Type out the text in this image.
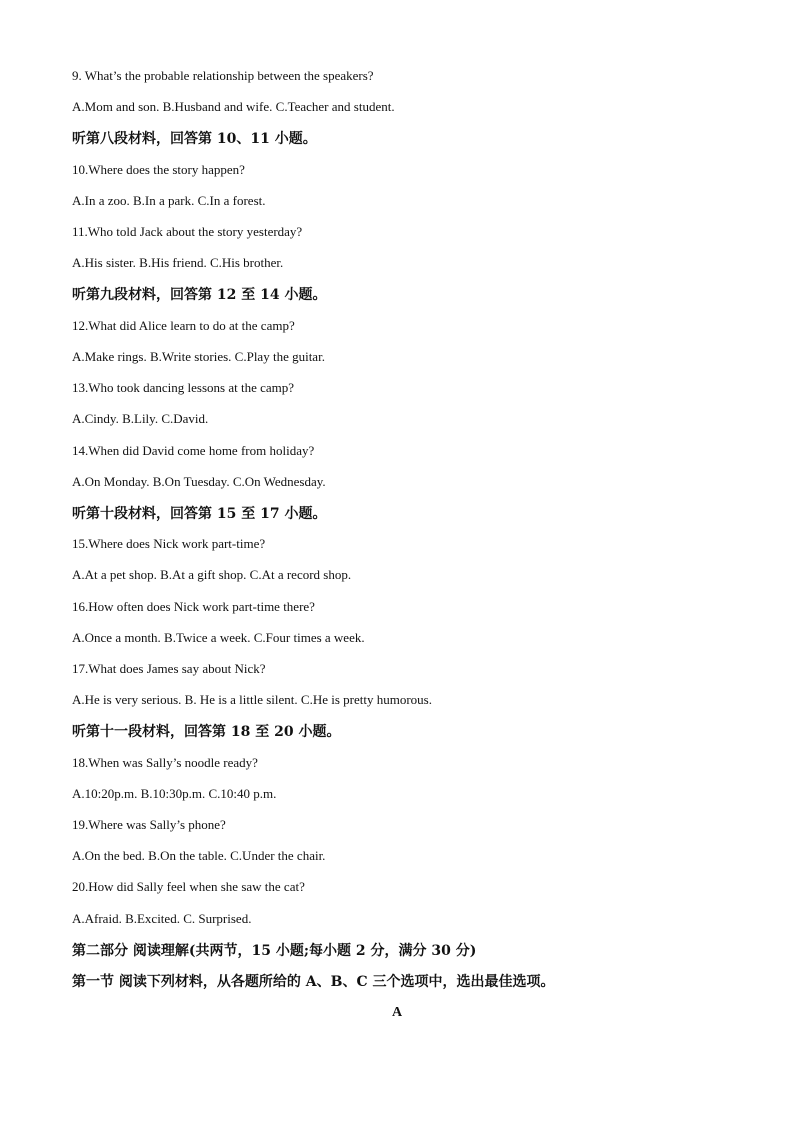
9. What’s the probable relationship between the speakers?
A.Mom and son. B.Husband and wife. C.Teacher and student.
听第八段材料，回答第 10、11 小题。
10.Where does the story happen?
A.In a zoo. B.In a park. C.In a forest.
11.Who told Jack about the story yesterday?
A.His sister. B.His friend. C.His brother.
听第九段材料，回答第 12 至 14 小题。
12.What did Alice learn to do at the camp?
A.Make rings. B.Write stories. C.Play the guitar.
13.Who took dancing lessons at the camp?
A.Cindy. B.Lily. C.David.
14.When did David come home from holiday?
A.On Monday. B.On Tuesday. C.On Wednesday.
听第十段材料，回答第 15 至 17 小题。
15.Where does Nick work part-time?
A.At a pet shop. B.At a gift shop. C.At a record shop.
16.How often does Nick work part-time there?
A.Once a month. B.Twice a week. C.Four times a week.
17.What does James say about Nick?
A.He is very serious. B. He is a little silent. C.He is pretty humorous.
听第十一段材料，回答第 18 至 20 小题。
18.When was Sally’s noodle ready?
A.10:20p.m. B.10:30p.m. C.10:40 p.m.
19.Where was Sally’s phone?
A.On the bed. B.On the table. C.Under the chair.
20.How did Sally feel when she saw the cat?
A.Afraid. B.Excited. C. Surprised.
第二部分 阅读理解(共两节，15 小题;每小题 2 分，满分 30 分)
第一节 阅读下列材料，从各题所给的 A、B、C 三个选项中，选出最佳选项。
A
